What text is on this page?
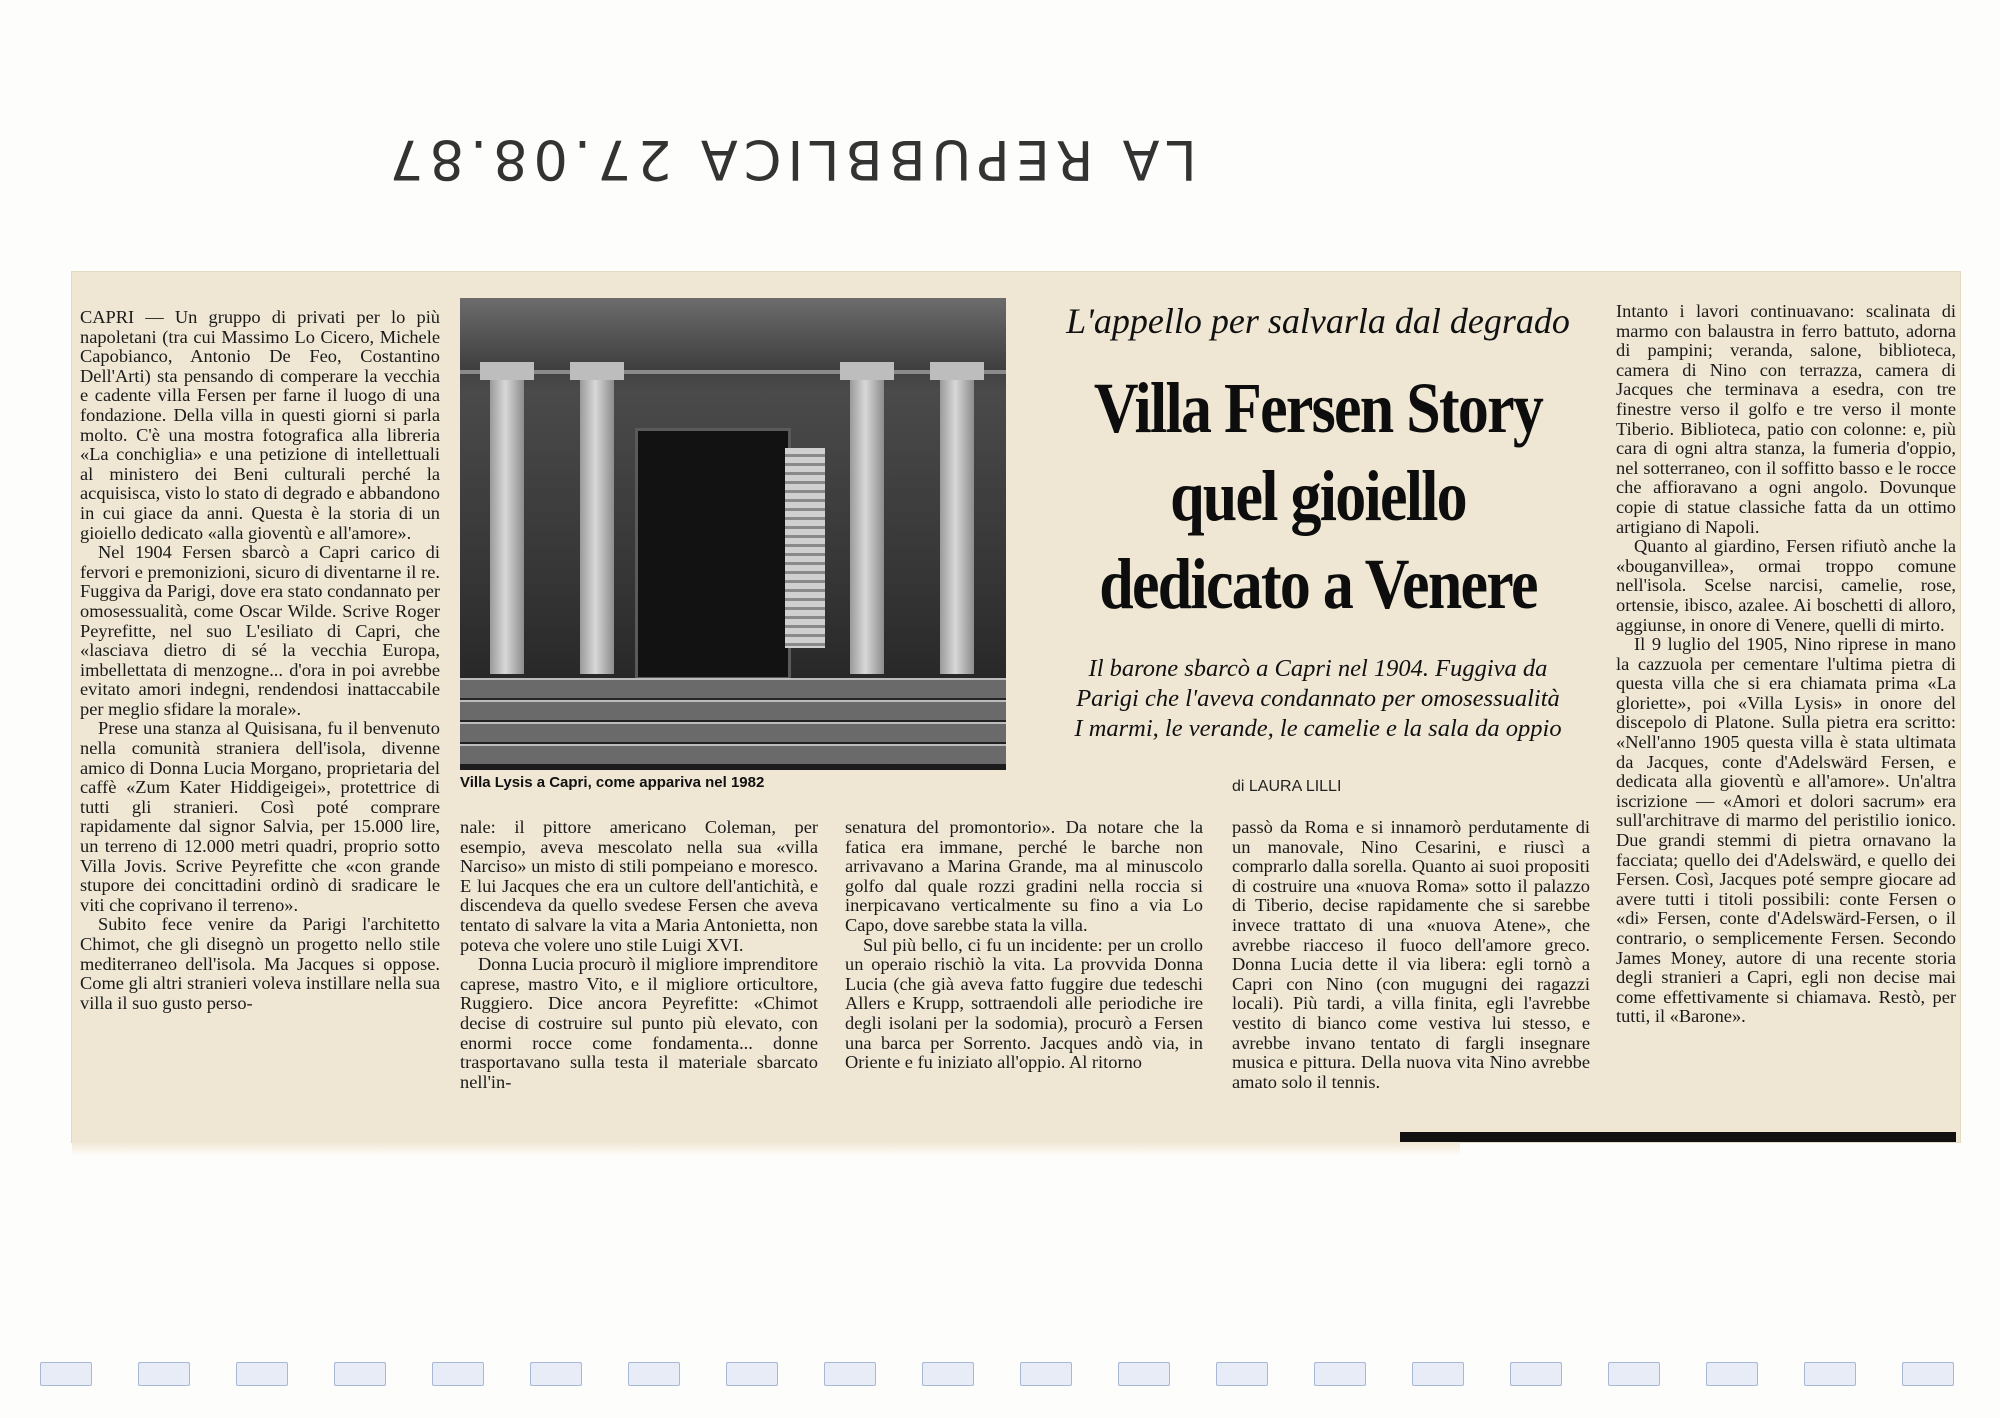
LA REPUBBLICA 27.08.87

CAPRI — Un gruppo di privati per lo più napoletani (tra cui Massimo Lo Cicero, Michele Capobianco, Antonio De Feo, Costantino Dell'Arti) sta pensando di comperare la vecchia e cadente villa Fersen per farne il luogo di una fondazione. Della villa in questi giorni si parla molto. C'è una mostra fotografica alla libreria «La conchiglia» e una petizione di intellettuali al ministero dei Beni culturali perché la acquisisca, visto lo stato di degrado e abbandono in cui giace da anni. Questa è la storia di un gioiello dedicato «alla gioventù e all'amore».

Nel 1904 Fersen sbarcò a Capri carico di fervori e premonizioni, sicuro di diventarne il re. Fuggiva da Parigi, dove era stato condannato per omosessualità, come Oscar Wilde. Scrive Roger Peyrefitte, nel suo L'esiliato di Capri, che «lasciava dietro di sé la vecchia Europa, imbellettata di menzogne... d'ora in poi avrebbe evitato amori indegni, rendendosi inattaccabile per meglio sfidare la morale».

Prese una stanza al Quisisana, fu il benvenuto nella comunità straniera dell'isola, divenne amico di Donna Lucia Morgano, proprietaria del caffè «Zum Kater Hiddigeigei», protettrice di tutti gli stranieri. Così poté comprare rapidamente dal signor Salvia, per 15.000 lire, un terreno di 12.000 metri quadri, proprio sotto Villa Jovis. Scrive Peyrefitte che «con grande stupore dei concittadini ordinò di sradicare le viti che coprivano il terreno».

Subito fece venire da Parigi l'architetto Chimot, che gli disegnò un progetto nello stile mediterraneo dell'isola. Ma Jacques si oppose. Come gli altri stranieri voleva instillare nella sua villa il suo gusto perso-

Villa Lysis a Capri, come appariva nel 1982
L'appello per salvarla dal degrado
Villa Fersen Story
quel gioiello
dedicato a Venere
Il barone sbarcò a Capri nel 1904. Fuggiva da
Parigi che l'aveva condannato per omosessualità
I marmi, le verande, le camelie e la sala da oppio
di LAURA LILLI

nale: il pittore americano Coleman, per esempio, aveva mescolato nella sua «villa Narciso» un misto di stili pompeiano e moresco. E lui Jacques che era un cultore dell'antichità, e discendeva da quello svedese Fersen che aveva tentato di salvare la vita a Maria Antonietta, non poteva che volere uno stile Luigi XVI.

Donna Lucia procurò il migliore imprenditore caprese, mastro Vito, e il migliore orticultore, Ruggiero. Dice ancora Peyrefitte: «Chimot decise di costruire sul punto più elevato, con enormi rocce come fondamenta... donne trasportavano sulla testa il materiale sbarcato nell'in-

senatura del promontorio». Da notare che la fatica era immane, perché le barche non arrivavano a Marina Grande, ma al minuscolo golfo dal quale rozzi gradini nella roccia si inerpicavano verticalmente su fino a via Lo Capo, dove sarebbe stata la villa.

Sul più bello, ci fu un incidente: per un crollo un operaio rischiò la vita. La provvida Donna Lucia (che già aveva fatto fuggire due tedeschi Allers e Krupp, sottraendoli alle periodiche ire degli isolani per la sodomia), procurò a Fersen una barca per Sorrento. Jacques andò via, in Oriente e fu iniziato all'oppio. Al ritorno

passò da Roma e si innamorò perdutamente di un manovale, Nino Cesarini, e riuscì a comprarlo dalla sorella. Quanto ai suoi propositi di costruire una «nuova Roma» sotto il palazzo di Tiberio, decise rapidamente che si sarebbe invece trattato di una «nuova Atene», che avrebbe riacceso il fuoco dell'amore greco. Donna Lucia dette il via libera: egli tornò a Capri con Nino (con mugugni dei ragazzi locali). Più tardi, a villa finita, egli l'avrebbe vestito di bianco come vestiva lui stesso, e avrebbe invano tentato di fargli insegnare musica e pittura. Della nuova vita Nino avrebbe amato solo il tennis.

Intanto i lavori continuavano: scalinata di marmo con balaustra in ferro battuto, adorna di pampini; veranda, salone, biblioteca, camera di Nino con terrazza, camera di Jacques che terminava a esedra, con tre finestre verso il golfo e tre verso il monte Tiberio. Biblioteca, patio con colonne: e, più cara di ogni altra stanza, la fumeria d'oppio, nel sotterraneo, con il soffitto basso e le rocce che affioravano a ogni angolo. Dovunque copie di statue classiche fatta da un ottimo artigiano di Napoli.

Quanto al giardino, Fersen rifiutò anche la «bouganvillea», ormai troppo comune nell'isola. Scelse narcisi, camelie, rose, ortensie, ibisco, azalee. Ai boschetti di alloro, aggiunse, in onore di Venere, quelli di mirto.

Il 9 luglio del 1905, Nino riprese in mano la cazzuola per cementare l'ultima pietra di questa villa che si era chiamata prima «La gloriette», poi «Villa Lysis» in onore del discepolo di Platone. Sulla pietra era scritto: «Nell'anno 1905 questa villa è stata ultimata da Jacques, conte d'Adelswärd Fersen, e dedicata alla gioventù e all'amore». Un'altra iscrizione — «Amori et dolori sacrum» era sull'architrave di marmo del peristilio ionico. Due grandi stemmi di pietra ornavano la facciata; quello dei d'Adelswärd, e quello dei Fersen. Così, Jacques poté sempre giocare ad avere tutti i titoli possibili: conte Fersen o «di» Fersen, conte d'Adelswärd-Fersen, o il contrario, o semplicemente Fersen. Secondo James Money, autore di una recente storia degli stranieri a Capri, egli non decise mai come effettivamente si chiamava. Restò, per tutti, il «Barone».
